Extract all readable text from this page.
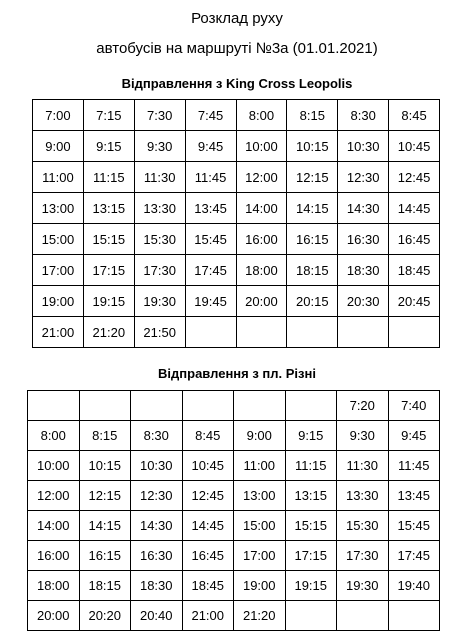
Розклад руху
автобусів на маршруті №3а (01.01.2021)
Відправлення з King Cross Leopolis
7:00	7:15	7:30	7:45	8:00	8:15	8:30	8:45
9:00	9:15	9:30	9:45	10:00	10:15	10:30	10:45
11:00	11:15	11:30	11:45	12:00	12:15	12:30	12:45
13:00	13:15	13:30	13:45	14:00	14:15	14:30	14:45
15:00	15:15	15:30	15:45	16:00	16:15	16:30	16:45
17:00	17:15	17:30	17:45	18:00	18:15	18:30	18:45
19:00	19:15	19:30	19:45	20:00	20:15	20:30	20:45
21:00	21:20	21:50					
Відправлення з пл. Різні
						7:20	7:40
8:00	8:15	8:30	8:45	9:00	9:15	9:30	9:45
10:00	10:15	10:30	10:45	11:00	11:15	11:30	11:45
12:00	12:15	12:30	12:45	13:00	13:15	13:30	13:45
14:00	14:15	14:30	14:45	15:00	15:15	15:30	15:45
16:00	16:15	16:30	16:45	17:00	17:15	17:30	17:45
18:00	18:15	18:30	18:45	19:00	19:15	19:30	19:40
20:00	20:20	20:40	21:00	21:20			
